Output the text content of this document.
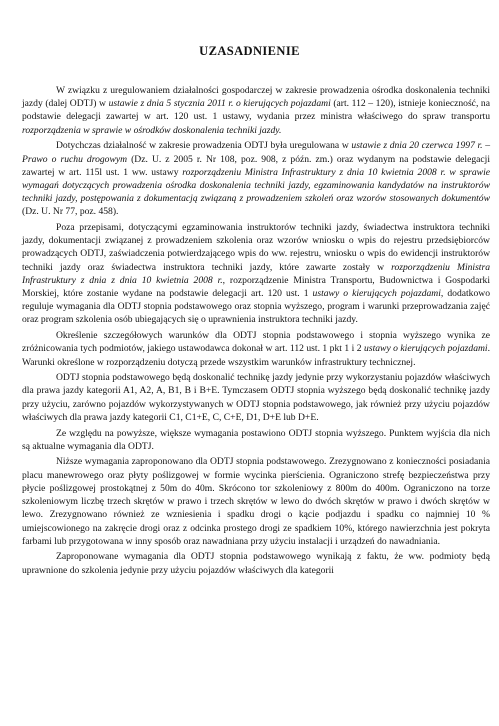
UZASADNIENIE

W związku z uregulowaniem działalności gospodarczej w zakresie prowadzenia ośrodka doskonalenia techniki jazdy (dalej ODTJ) w ustawie z dnia 5 stycznia 2011 r. o kierujących pojazdami (art. 112 – 120), istnieje konieczność, na podstawie delegacji zawartej w art. 120 ust. 1 ustawy, wydania przez ministra właściwego do spraw transportu rozporządzenia w sprawie w ośrodków doskonalenia techniki jazdy.

Dotychczas działalność w zakresie prowadzenia ODTJ była uregulowana w ustawie z dnia 20 czerwca 1997 r. – Prawo o ruchu drogowym (Dz. U. z 2005 r. Nr 108, poz. 908, z późn. zm.) oraz wydanym na podstawie delegacji zawartej w art. 115l ust. 1 ww. ustawy rozporządzeniu Ministra Infrastruktury z dnia 10 kwietnia 2008 r. w sprawie wymagań dotyczących prowadzenia ośrodka doskonalenia techniki jazdy, egzaminowania kandydatów na instruktorów techniki jazdy, postępowania z dokumentacją związaną z prowadzeniem szkoleń oraz wzorów stosowanych dokumentów (Dz. U. Nr 77, poz. 458).

Poza przepisami, dotyczącymi egzaminowania instruktorów techniki jazdy, świadectwa instruktora techniki jazdy, dokumentacji związanej z prowadzeniem szkolenia oraz wzorów wniosku o wpis do rejestru przedsiębiorców prowadzących ODTJ, zaświadczenia potwierdzającego wpis do ww. rejestru, wniosku o wpis do ewidencji instruktorów techniki jazdy oraz świadectwa instruktora techniki jazdy, które zawarte zostały w rozporządzeniu Ministra Infrastruktury z dnia z dnia 10 kwietnia 2008 r., rozporządzenie Ministra Transportu, Budownictwa i Gospodarki Morskiej, które zostanie wydane na podstawie delegacji art. 120 ust. 1 ustawy o kierujących pojazdami, dodatkowo reguluje wymagania dla ODTJ stopnia podstawowego oraz stopnia wyższego, program i warunki przeprowadzania zajęć oraz program szkolenia osób ubiegających się o uprawnienia instruktora techniki jazdy.

Określenie szczegółowych warunków dla ODTJ stopnia podstawowego i stopnia wyższego wynika ze zróżnicowania tych podmiotów, jakiego ustawodawca dokonał w art. 112 ust. 1 pkt 1 i 2 ustawy o kierujących pojazdami. Warunki określone w rozporządzeniu dotyczą przede wszystkim warunków infrastruktury technicznej.

ODTJ stopnia podstawowego będą doskonalić technikę jazdy jedynie przy wykorzystaniu pojazdów właściwych dla prawa jazdy kategorii A1, A2, A, B1, B i B+E. Tymczasem ODTJ stopnia wyższego będą doskonalić technikę jazdy przy użyciu, zarówno pojazdów wykorzystywanych w ODTJ stopnia podstawowego, jak również przy użyciu pojazdów właściwych dla prawa jazdy kategorii C1, C1+E, C, C+E, D1, D+E lub D+E.

Ze względu na powyższe, większe wymagania postawiono ODTJ stopnia wyższego. Punktem wyjścia dla nich są aktualne wymagania dla ODTJ.

Niższe wymagania zaproponowano dla ODTJ stopnia podstawowego. Zrezygnowano z konieczności posiadania placu manewrowego oraz płyty poślizgowej w formie wycinka pierścienia. Ograniczono strefę bezpieczeństwa przy płycie poślizgowej prostokątnej z 50m do 40m. Skrócono tor szkoleniowy z 800m do 400m. Ograniczono na torze szkoleniowym liczbę trzech skrętów w prawo i trzech skrętów w lewo do dwóch skrętów w prawo i dwóch skrętów w lewo. Zrezygnowano również ze wzniesienia i spadku drogi o kącie podjazdu i spadku co najmniej 10 % umiejscowionego na zakręcie drogi oraz z odcinka prostego drogi ze spadkiem 10%, którego nawierzchnia jest pokryta farbami lub przygotowana w inny sposób oraz nawadniana przy użyciu instalacji i urządzeń do nawadniania.

Zaproponowane wymagania dla ODTJ stopnia podstawowego wynikają z faktu, że ww. podmioty będą uprawnione do szkolenia jedynie przy użyciu pojazdów właściwych dla kategorii
